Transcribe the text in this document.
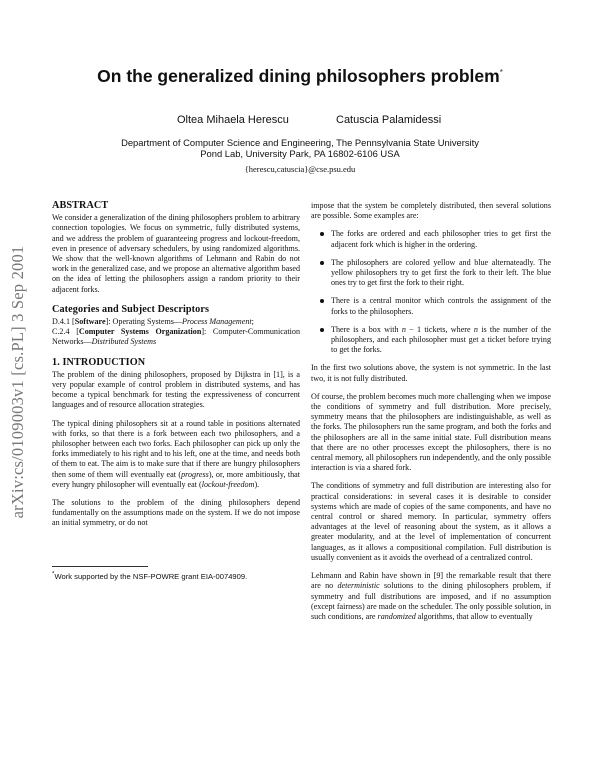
arXiv:cs/0109003v1 [cs.PL] 3 Sep 2001
On the generalized dining philosophers problem*

Oltea Mihaela Herescu	Catuscia Palamidessi

Department of Computer Science and Engineering, The Pennsylvania State University

Pond Lab, University Park, PA 16802-6106 USA

{herescu,catuscia}@cse.psu.edu
ABSTRACT

We consider a generalization of the dining philosophers problem to arbitrary connection topologies. We focus on symmetric, fully distributed systems, and we address the problem of guaranteeing progress and lockout-freedom, even in presence of adversary schedulers, by using randomized algorithms. We show that the well-known algorithms of Lehmann and Rabin do not work in the generalized case, and we propose an alternative algorithm based on the idea of letting the philosophers assign a random priority to their adjacent forks.

Categories and Subject Descriptors

D.4.1 [Software]: Operating Systems—Process Management;

C.2.4 [Computer Systems Organization]: Computer-Communication Networks—Distributed Systems

1. INTRODUCTION

The problem of the dining philosophers, proposed by Dijkstra in [1], is a very popular example of control problem in distributed systems, and has become a typical benchmark for testing the expressiveness of concurrent languages and of resource allocation strategies.

The typical dining philosophers sit at a round table in positions alternated with forks, so that there is a fork between each two philosophers, and a philosopher between each two forks. Each philosopher can pick up only the forks immediately to his right and to his left, one at the time, and needs both of them to eat. The aim is to make sure that if there are hungry philosophers then some of them will eventually eat (progress), or, more ambitiously, that every hungry philosopher will eventually eat (lockout-freedom).

The solutions to the problem of the dining philosophers depend fundamentally on the assumptions made on the system. If we do not impose an initial symmetry, or do not

*Work supported by the NSF-POWRE grant EIA-0074909.

impose that the system be completely distributed, then several solutions are possible. Some examples are:

The forks are ordered and each philosopher tries to get first the adjacent fork which is higher in the ordering.
The philosophers are colored yellow and blue alternateadly. The yellow philosophers try to get first the fork to their left. The blue ones try to get first the fork to their right.
There is a central monitor which controls the assignment of the forks to the philosophers.
There is a box with n − 1 tickets, where n is the number of the philosophers, and each philosopher must get a ticket before trying to get the forks.

In the first two solutions above, the system is not symmetric. In the last two, it is not fully distributed.

Of course, the problem becomes much more challenging when we impose the conditions of symmetry and full distribution. More precisely, symmetry means that the philosophers are indistinguishable, as well as the forks. The philosophers run the same program, and both the forks and the philosophers are all in the same initial state. Full distribution means that there are no other processes except the philosophers, there is no central memory, all philosophers run independently, and the only possible interaction is via a shared fork.

The conditions of symmetry and full distribution are interesting also for practical considerations: in several cases it is desirable to consider systems which are made of copies of the same components, and have no central control or shared memory. In particular, symmetry offers advantages at the level of reasoning about the system, as it allows a greater modularity, and at the level of implementation of concurrent languages, as it allows a compositional compilation. Full distribution is usually convenient as it avoids the overhead of a centralized control.

Lehmann and Rabin have shown in [9] the remarkable result that there are no deterministic solutions to the dining philosophers problem, if symmetry and full distributions are imposed, and if no assumption (except fairness) are made on the scheduler. The only possible solution, in such conditions, are randomized algorithms, that allow to eventually
